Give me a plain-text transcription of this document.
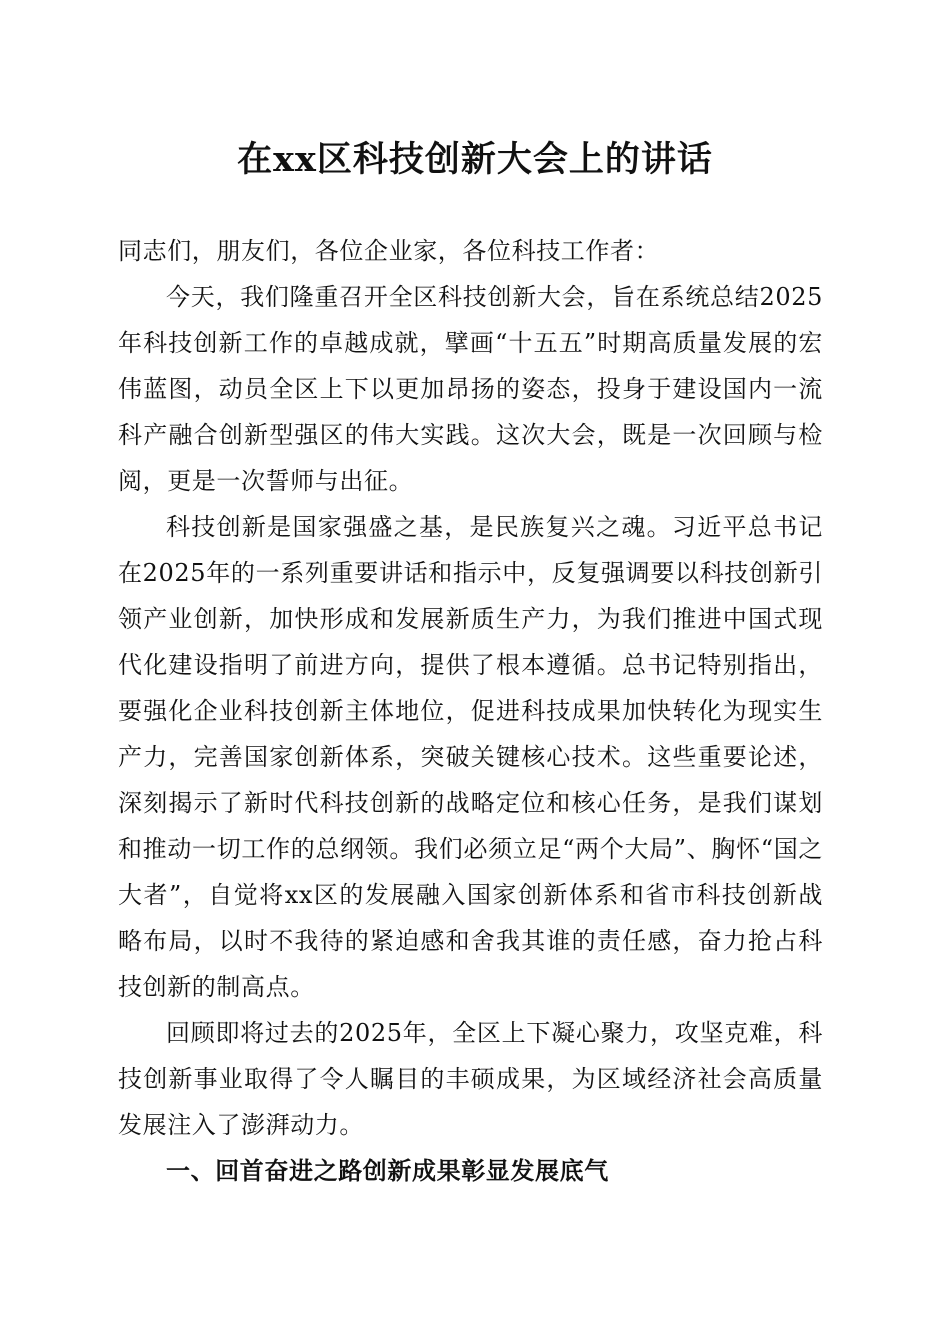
在xx区科技创新大会上的讲话

同志们，朋友们，各位企业家，各位科技工作者：

今天，我们隆重召开全区科技创新大会，旨在系统总结2025年科技创新工作的卓越成就，擘画“十五五”时期高质量发展的宏伟蓝图，动员全区上下以更加昂扬的姿态，投身于建设国内一流科产融合创新型强区的伟大实践。这次大会，既是一次回顾与检阅，更是一次誓师与出征。

科技创新是国家强盛之基，是民族复兴之魂。习近平总书记在2025年的一系列重要讲话和指示中，反复强调要以科技创新引领产业创新，加快形成和发展新质生产力，为我们推进中国式现代化建设指明了前进方向，提供了根本遵循。总书记特别指出，要强化企业科技创新主体地位，促进科技成果加快转化为现实生产力，完善国家创新体系，突破关键核心技术。这些重要论述，深刻揭示了新时代科技创新的战略定位和核心任务，是我们谋划和推动一切工作的总纲领。我们必须立足“两个大局”、胸怀“国之大者”，自觉将xx区的发展融入国家创新体系和省市科技创新战略布局，以时不我待的紧迫感和舍我其谁的责任感，奋力抢占科技创新的制高点。

回顾即将过去的2025年，全区上下凝心聚力，攻坚克难，科技创新事业取得了令人瞩目的丰硕成果，为区域经济社会高质量发展注入了澎湃动力。

一、回首奋进之路创新成果彰显发展底气
